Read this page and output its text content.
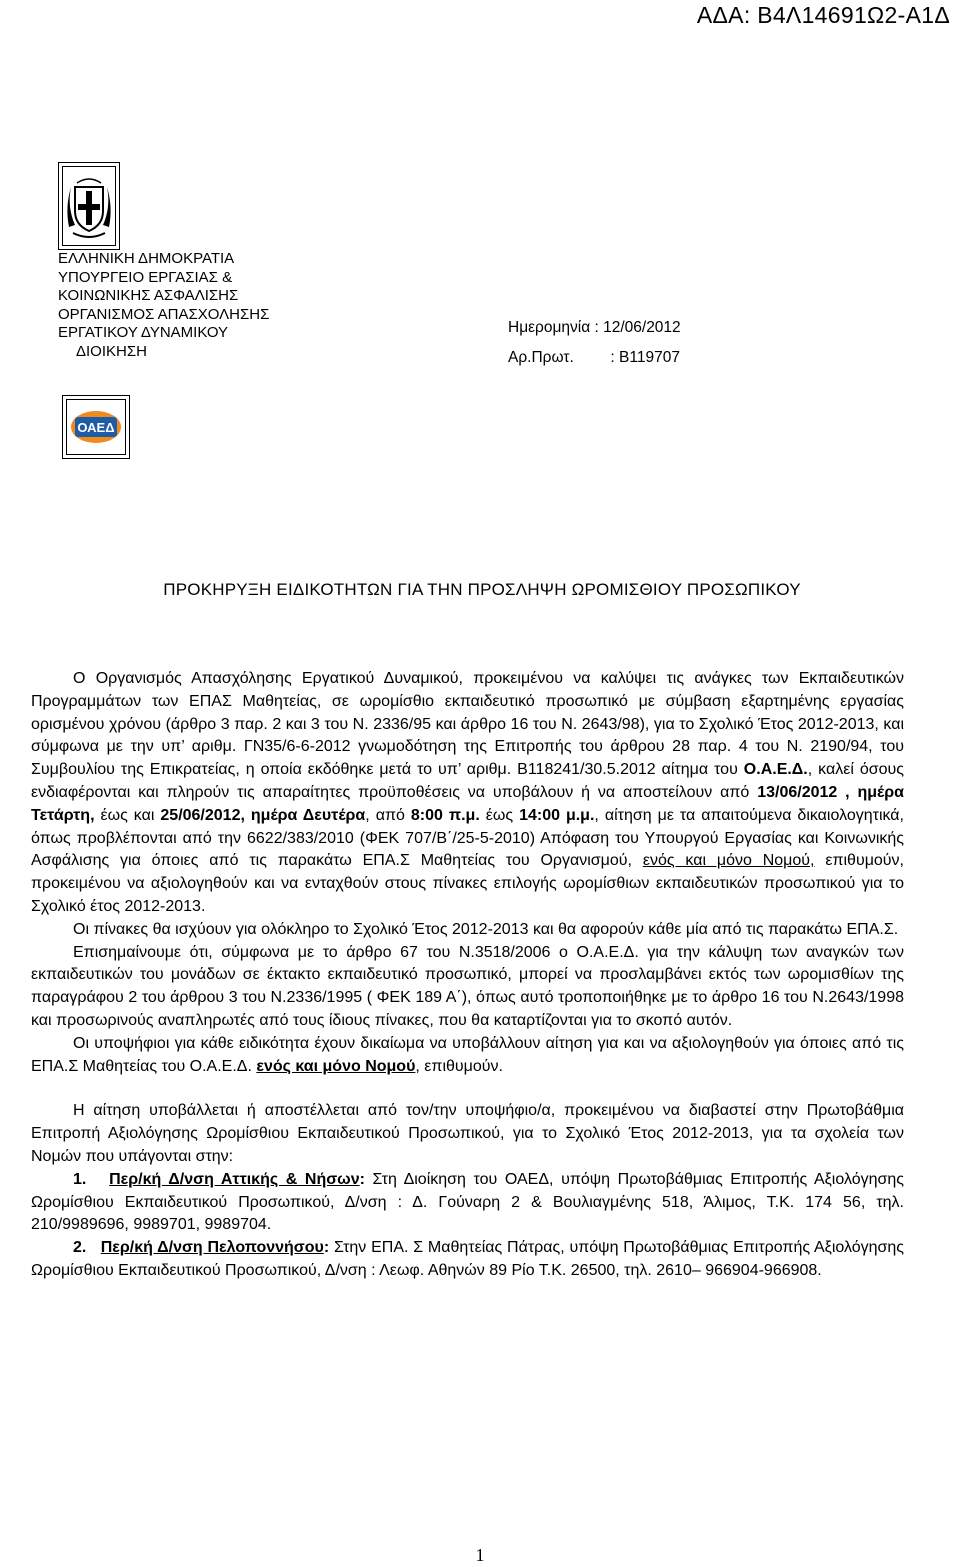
ΑΔΑ: Β4Λ14691Ω2-Α1Δ
ΕΛΛΗΝΙΚΗ ΔΗΜΟΚΡΑΤΙΑ
ΥΠΟΥΡΓΕΙΟ ΕΡΓΑΣΙΑΣ &
ΚΟΙΝΩΝΙΚΗΣ ΑΣΦΑΛΙΣΗΣ
ΟΡΓΑΝΙΣΜΟΣ ΑΠΑΣΧΟΛΗΣΗΣ
ΕΡΓΑΤΙΚΟΥ ΔΥΝΑΜΙΚΟΥ
ΔΙΟΙΚΗΣΗ
Ημερομηνία : 12/06/2012
Αρ.Πρωτ. : Β119707
ΟΑΕΔ
ΠΡΟΚΗΡΥΞΗ ΕΙΔΙΚΟΤΗΤΩΝ ΓΙΑ ΤΗΝ ΠΡΟΣΛΗΨΗ ΩΡΟΜΙΣΘΙΟΥ ΠΡΟΣΩΠΙΚΟΥ

Ο Οργανισμός Απασχόλησης Εργατικού Δυναμικού, προκειμένου να καλύψει τις ανάγκες των Εκπαιδευτικών Προγραμμάτων των ΕΠΑΣ Μαθητείας, σε ωρομίσθιο εκπαιδευτικό προσωπικό με σύμβαση εξαρτημένης εργασίας ορισμένου χρόνου (άρθρο 3 παρ. 2 και 3 του Ν. 2336/95 και άρθρο 16 του Ν. 2643/98), για το Σχολικό Έτος 2012-2013, και σύμφωνα με την υπ’ αριθμ. ΓΝ35/6-6-2012 γνωμοδότηση της Επιτροπής του άρθρου 28 παρ. 4 του Ν. 2190/94, του Συμβουλίου της Επικρατείας, η οποία εκδόθηκε μετά το υπ’ αριθμ. Β118241/30.5.2012 αίτημα του Ο.Α.Ε.Δ., καλεί όσους ενδιαφέρονται και πληρούν τις απαραίτητες προϋποθέσεις να υποβάλουν ή να αποστείλουν από 13/06/2012 , ημέρα Τετάρτη, έως και 25/06/2012, ημέρα Δευτέρα, από 8:00 π.μ. έως 14:00 μ.μ., αίτηση με τα απαιτούμενα δικαιολογητικά, όπως προβλέπονται από την 6622/383/2010 (ΦΕΚ 707/Β΄/25-5-2010) Απόφαση του Υπουργού Εργασίας και Κοινωνικής Ασφάλισης για όποιες από τις παρακάτω ΕΠΑ.Σ Μαθητείας του Οργανισμού, ενός και μόνο Νομού, επιθυμούν, προκειμένου να αξιολογηθούν και να ενταχθούν στους πίνακες επιλογής ωρομίσθιων εκπαιδευτικών προσωπικού για το Σχολικό έτος 2012-2013.

Οι πίνακες θα ισχύουν για ολόκληρο το Σχολικό Έτος 2012-2013 και θα αφορούν κάθε μία από τις παρακάτω ΕΠΑ.Σ.

Επισημαίνουμε ότι, σύμφωνα με το άρθρο 67 του Ν.3518/2006 ο Ο.Α.Ε.Δ. για την κάλυψη των αναγκών των εκπαιδευτικών του μονάδων σε έκτακτο εκπαιδευτικό προσωπικό, μπορεί να προσλαμβάνει εκτός των ωρομισθίων της παραγράφου 2 του άρθρου 3 του Ν.2336/1995 ( ΦΕΚ 189 Α΄), όπως αυτό τροποποιήθηκε με το άρθρο 16 του Ν.2643/1998 και προσωρινούς αναπληρωτές από τους ίδιους πίνακες, που θα καταρτίζονται για το σκοπό αυτόν.

Οι υποψήφιοι για κάθε ειδικότητα έχουν δικαίωμα να υποβάλλουν αίτηση για και να αξιολογηθούν για όποιες από τις ΕΠΑ.Σ Μαθητείας του Ο.Α.Ε.Δ. ενός και μόνο Νομού, επιθυμούν.

Η αίτηση υποβάλλεται ή αποστέλλεται από τον/την υποψήφιο/α, προκειμένου να διαβαστεί στην Πρωτοβάθμια Επιτροπή Αξιολόγησης Ωρομίσθιου Εκπαιδευτικού Προσωπικού, για το Σχολικό Έτος 2012-2013, για τα σχολεία των Νομών που υπάγονται στην:

1. Περ/κή Δ/νση Αττικής & Νήσων: Στη Διοίκηση του ΟΑΕΔ, υπόψη Πρωτοβάθμιας Επιτροπής Αξιολόγησης Ωρομίσθιου Εκπαιδευτικού Προσωπικού, Δ/νση : Δ. Γούναρη 2 & Βουλιαγμένης 518, Άλιμος, Τ.Κ. 174 56, τηλ. 210/9989696, 9989701, 9989704.

2. Περ/κή Δ/νση Πελοποννήσου: Στην ΕΠΑ. Σ Μαθητείας Πάτρας, υπόψη Πρωτοβάθμιας Επιτροπής Αξιολόγησης Ωρομίσθιου Εκπαιδευτικού Προσωπικού, Δ/νση : Λεωφ. Αθηνών 89 Ρίο Τ.Κ. 26500, τηλ. 2610– 966904-966908.

1
